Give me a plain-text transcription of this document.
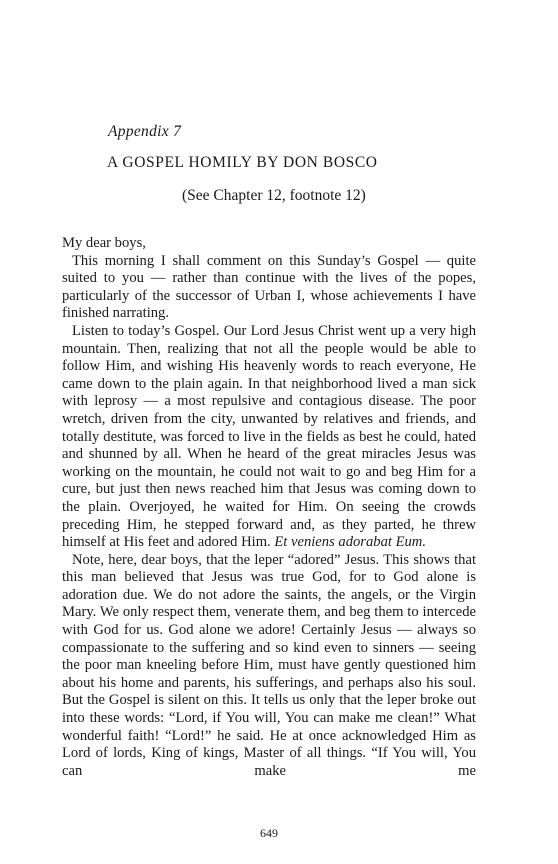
Appendix 7
A GOSPEL HOMILY BY DON BOSCO
(See Chapter 12, footnote 12)

My dear boys,

This morning I shall comment on this Sunday’s Gospel — quite suited to you — rather than continue with the lives of the popes, particularly of the successor of Urban I, whose achievements I have finished narrating.

Listen to today’s Gospel. Our Lord Jesus Christ went up a very high mountain. Then, realizing that not all the people would be able to follow Him, and wishing His heavenly words to reach everyone, He came down to the plain again. In that neighborhood lived a man sick with leprosy — a most repulsive and contagious disease. The poor wretch, driven from the city, unwanted by relatives and friends, and totally destitute, was forced to live in the fields as best he could, hated and shunned by all. When he heard of the great miracles Jesus was working on the mountain, he could not wait to go and beg Him for a cure, but just then news reached him that Jesus was coming down to the plain. Overjoyed, he waited for Him. On seeing the crowds preceding Him, he stepped forward and, as they parted, he threw himself at His feet and adored Him. Et veniens adorabat Eum.

Note, here, dear boys, that the leper “adored” Jesus. This shows that this man believed that Jesus was true God, for to God alone is adoration due. We do not adore the saints, the angels, or the Virgin Mary. We only respect them, venerate them, and beg them to intercede with God for us. God alone we adore! Certainly Jesus — always so compassionate to the suffering and so kind even to sinners — seeing the poor man kneeling before Him, must have gently questioned him about his home and parents, his sufferings, and perhaps also his soul. But the Gospel is silent on this. It tells us only that the leper broke out into these words: “Lord, if You will, You can make me clean!” What wonderful faith! “Lord!” he said. He at once acknowledged Him as Lord of lords, King of kings, Master of all things. “If You will, You can make me

649
